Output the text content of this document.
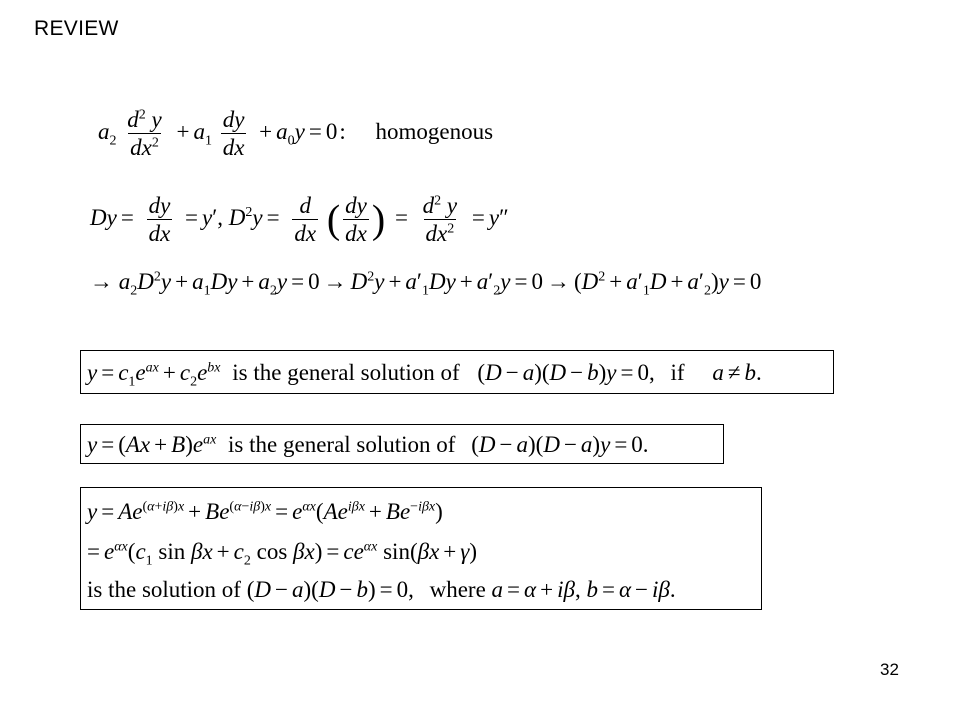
REVIEW
$a_2 \frac{d^2 y}{dx^2} + a_1 \frac{dy}{dx} + a_0y = 0$: homogenous
$Dy = \frac{dy}{dx} = y'$, $D^2y = \frac{d}{dx}$ ( $\frac{dy}{dx}$ ) = $\frac{d^2 y}{dx^2} = y''$
→ $a_2D^2y + a_1Dy + a_2y = 0 \to D^2y + a'_1Dy + a'_2y = 0 \to (D^2 + a'_1D + a'_2)y = 0$
$y = c_1e^{ax} + c_2e^{bx}$ is the general solution of (D − a)(D − b)y = 0, if a ≠ b.
$y = (Ax + B)e^{ax}$ is the general solution of (D − a)(D − a)y = 0.
$y = Ae^{(\alpha+i\beta)x} + Be^{(\alpha-i\beta)x} = e^{\alpha x}(Ae^{i\beta x} + Be^{-i\beta x})$
= $e^{\alpha x}(c_1$ $\sin \beta x + c_2$ $\cos \beta x) = ce^{\alpha x}$ sin(βx + γ)
is the solution of (D − a)(D − b) = 0, where a = α + iβ, b = α − iβ.
32
